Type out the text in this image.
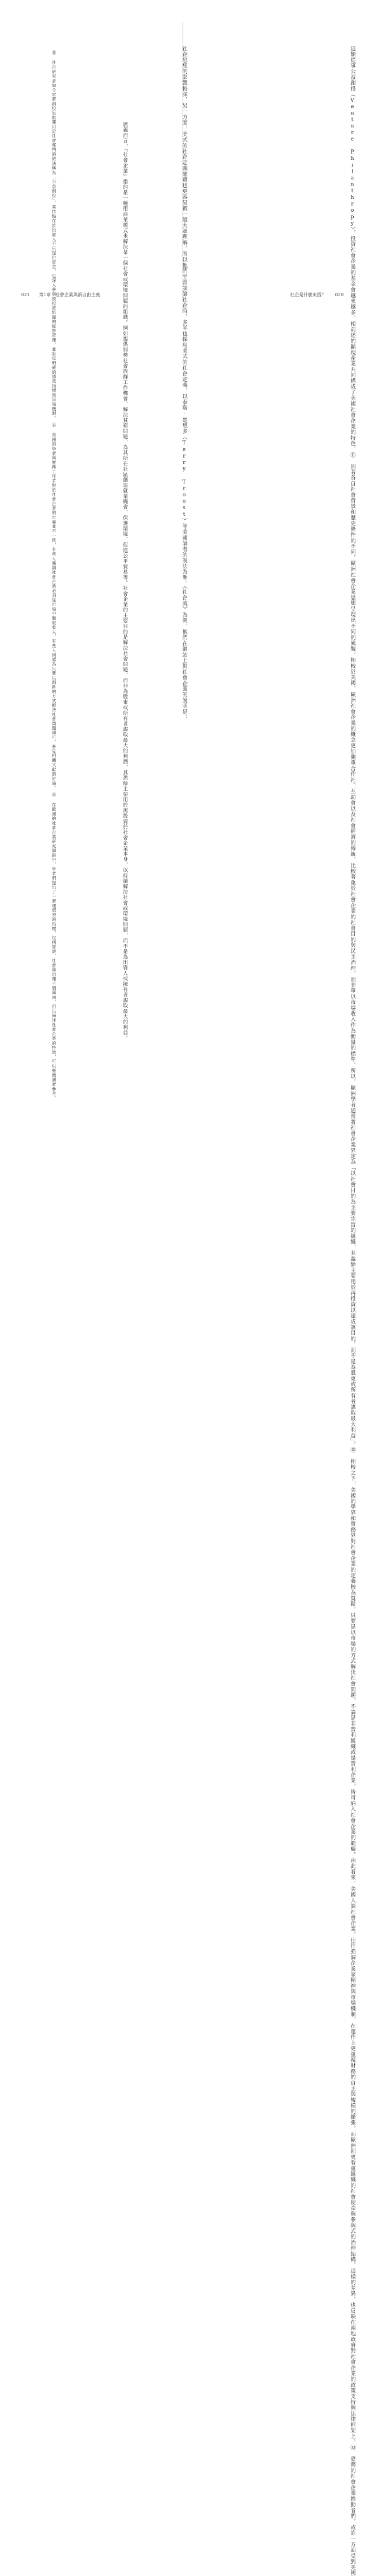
這類從事公益創投（Venture Philanthropy），投資社會企業的基金會越來越多，相前述的顯現產業共同構成了美國社會企業的特色。⑪　因著各自社會背景和歷史條件的不同，歐洲社會企業思想呈現出不同的風貌。相較於美國，歐洲社會企業的概念更加側重合作社、互助會以及社會經濟的傳統，比較著重於社會企業的社會目的與民主治理，而非單以市場收入作為衡量的標準。所以，歐洲學者通常將社會企業界定為「以社會目的為主要宗旨的組織，其盈餘主要用於再投資以達成該目的，而不是為股東或所有者謀取最大利益」。⑫　相較之下，美國的學界和實務界對社會企業的定義較為寬鬆，只要是以市場的方式解決社會問題，不論是非營利組織或是營利企業，皆可納入社會企業的範疇。由此看來，美國人談社會企業，往往強調企業家精神與市場機制，在運作上更重視財務的自主與規模的擴張，而歐洲則更看重組織的社會使命與參與式的治理結構。這樣的差異，也反映在兩地政府對社會企業的政策支持與法律框架上。⑬　臺灣的社會企業推動者們，或許一方面受到美國
社企思想的影響較深，另一方面，美式的社企定義確實也更容易被一般大眾理解。所以他們平常談論社企時，多半也採用美式的社企定義，以泰瑞·楚思多（Terry Troost）等美國論者的說法為準。《社企流》為例，他們在網站上對社會企業的說明是：
廣義而言，『社會企業』指的是一種用商業模式來解決某一個社會或環境問題的組織。例如提供弱勢社會族群工作機會、解決貧窮問題、為其所在社區創造就業機會、保護環境、促進公平貿易等。社會企業的主要目的是解決社會問題，而非為股東或所有者謀取最大的利潤，其盈餘主要用於再投資於社會企業本身，以持續解決社會或環境問題，而不是為出資人或擁有者謀取最大的利益。
⑪ 社企研究者如今常將創投思維運用於社會部門的做法稱為「公益創投」，其特點在於投資人不只提供資金，也深入參與被投資組織的經營管理，並設定明確的績效指標與退場機制。　⑫ 美國的學者與實務工作者對於社會企業的定義並不一致，有些人強調社會企業必須從市場中賺取收入，有些人則認為只要以創新的方式解決社會問題即可，參見相關文獻的討論。　⑬ 在歐洲的社會企業研究網絡中，學者們提出了一套理想型的指標，包括經濟、社會與治理三個面向，用以描述社會企業的特徵，可供臺灣讀者參考。
021 第1章　社會企業與新自由主義	社企是什麼東西？ 020
